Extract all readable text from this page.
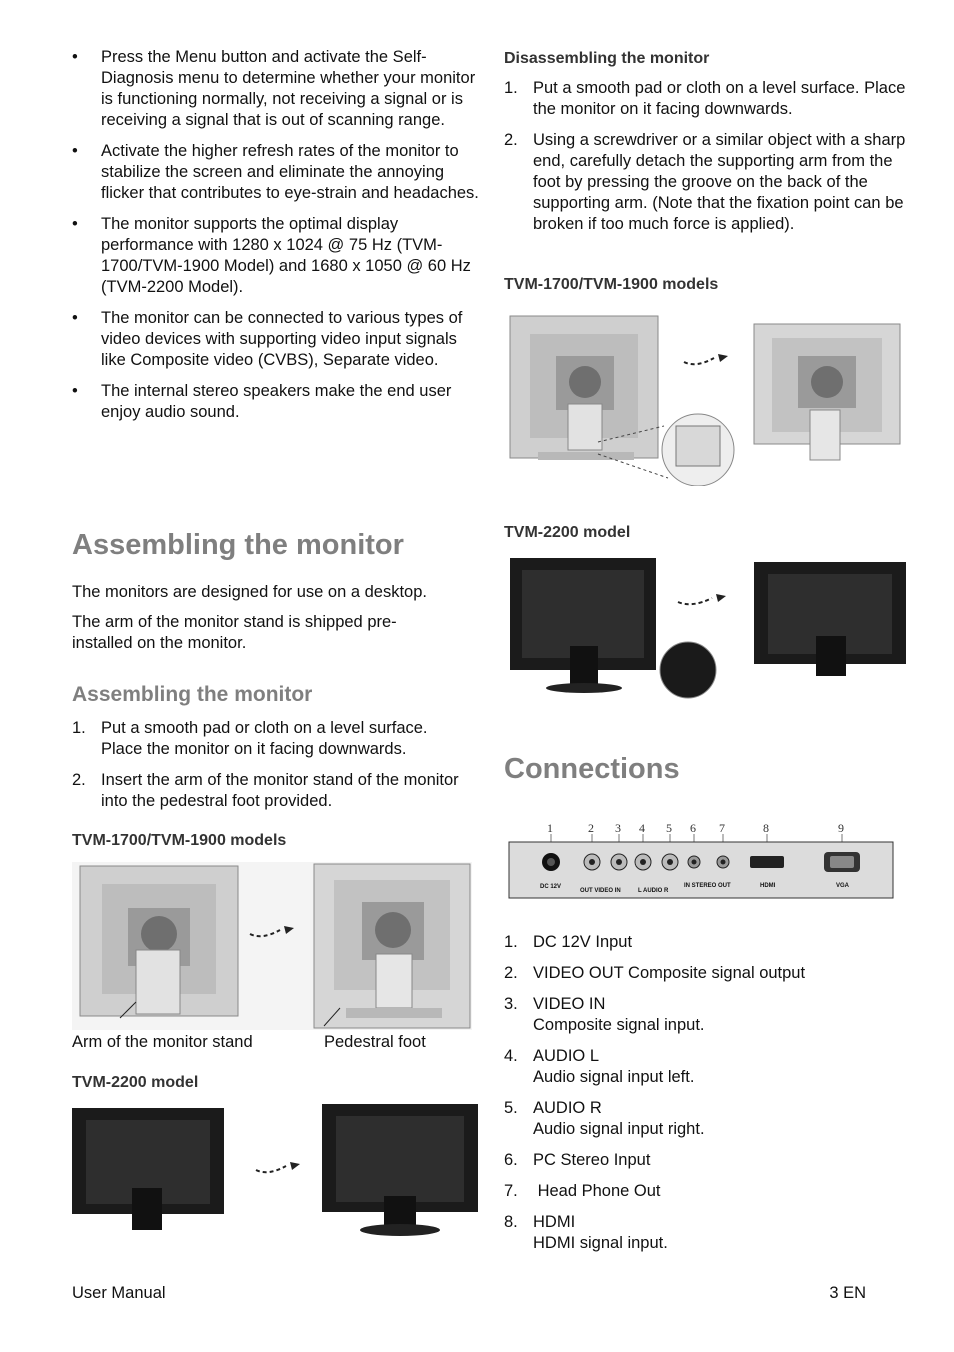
• Press the Menu button and activate the Self-Diagnosis menu to determine whether your monitor is functioning normally, not receiving a signal or is receiving a signal that is out of scanning range.
• Activate the higher refresh rates of the monitor to stabilize the screen and eliminate the annoying flicker that contributes to eye-strain and headaches.
• The monitor supports the optimal display performance with 1280 x 1024 @ 75 Hz (TVM-1700/TVM-1900 Model) and 1680 x 1050 @ 60 Hz (TVM-2200 Model).
• The monitor can be connected to various types of video devices with supporting video input signals like Composite video (CVBS), Separate video.
• The internal stereo speakers make the end user enjoy audio sound.
Assembling the monitor

The monitors are designed for use on a desktop.

The arm of the monitor stand is shipped pre-installed on the monitor.

Assembling the monitor
1. Put a smooth pad or cloth on a level surface. Place the monitor on it facing downwards.
2. Insert the arm of the monitor stand of the monitor into the pedestral foot provided.
TVM-1700/TVM-1900 models
Arm of the monitor stand	Pedestral foot
TVM-2200 model
Disassembling the monitor
1. Put a smooth pad or cloth on a level surface. Place the monitor on it facing downwards.
2. Using a screwdriver or a similar object with a sharp end, carefully detach the supporting arm from the foot by pressing the groove on the back of the supporting arm. (Note that the fixation point can be broken if too much force is applied).
TVM-1700/TVM-1900 models
TVM-2200 model
Connections
1	2 3 4 5 6 7	8	9
DC 12V
OUT VIDEO IN	L AUDIO R
IN STEREO OUT	HDMI	VGA
1. DC 12V Input
2. VIDEO OUT Composite signal output
3. VIDEO IN
Composite signal input.
4. AUDIO L
Audio signal input left.
5. AUDIO R
Audio signal input right.
6. PC Stereo Input
7. Head Phone Out
8. HDMI
HDMI signal input.
User Manual	3 EN
